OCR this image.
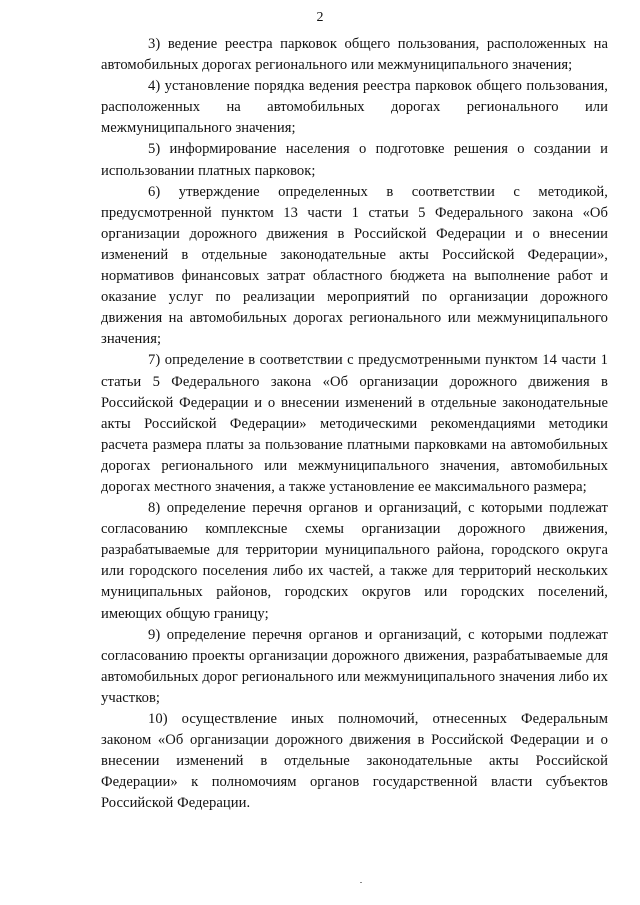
2

3) ведение реестра парковок общего пользования, расположенных на автомобильных дорогах регионального или межмуниципального значения;

4) установление порядка ведения реестра парковок общего пользования, расположенных на автомобильных дорогах регионального или межмуниципального значения;

5) информирование населения о подготовке решения о создании и использовании платных парковок;

6) утверждение определенных в соответствии с методикой, предусмотренной пунктом 13 части 1 статьи 5 Федерального закона «Об организации дорожного движения в Российской Федерации и о внесении изменений в отдельные законодательные акты Российской Федерации», нормативов финансовых затрат областного бюджета на выполнение работ и оказание услуг по реализации мероприятий по организации дорожного движения на автомобильных дорогах регионального или межмуниципального значения;

7) определение в соответствии с предусмотренными пунктом 14 части 1 статьи 5 Федерального закона «Об организации дорожного движения в Российской Федерации и о внесении изменений в отдельные законодательные акты Российской Федерации» методическими рекомендациями методики расчета размера платы за пользование платными парковками на автомобильных дорогах регионального или межмуниципального значения, автомобильных дорогах местного значения, а также установление ее максимального размера;

8) определение перечня органов и организаций, с которыми подлежат согласованию комплексные схемы организации дорожного движения, разрабатываемые для территории муниципального района, городского округа или городского поселения либо их частей, а также для территорий нескольких муниципальных районов, городских округов или городских поселений, имеющих общую границу;

9) определение перечня органов и организаций, с которыми подлежат согласованию проекты организации дорожного движения, разрабатываемые для автомобильных дорог регионального или межмуниципального значения либо их участков;

10) осуществление иных полномочий, отнесенных Федеральным законом «Об организации дорожного движения в Российской Федерации и о внесении изменений в отдельные законодательные акты Российской Федерации» к полномочиям органов государственной власти субъектов Российской Федерации.
